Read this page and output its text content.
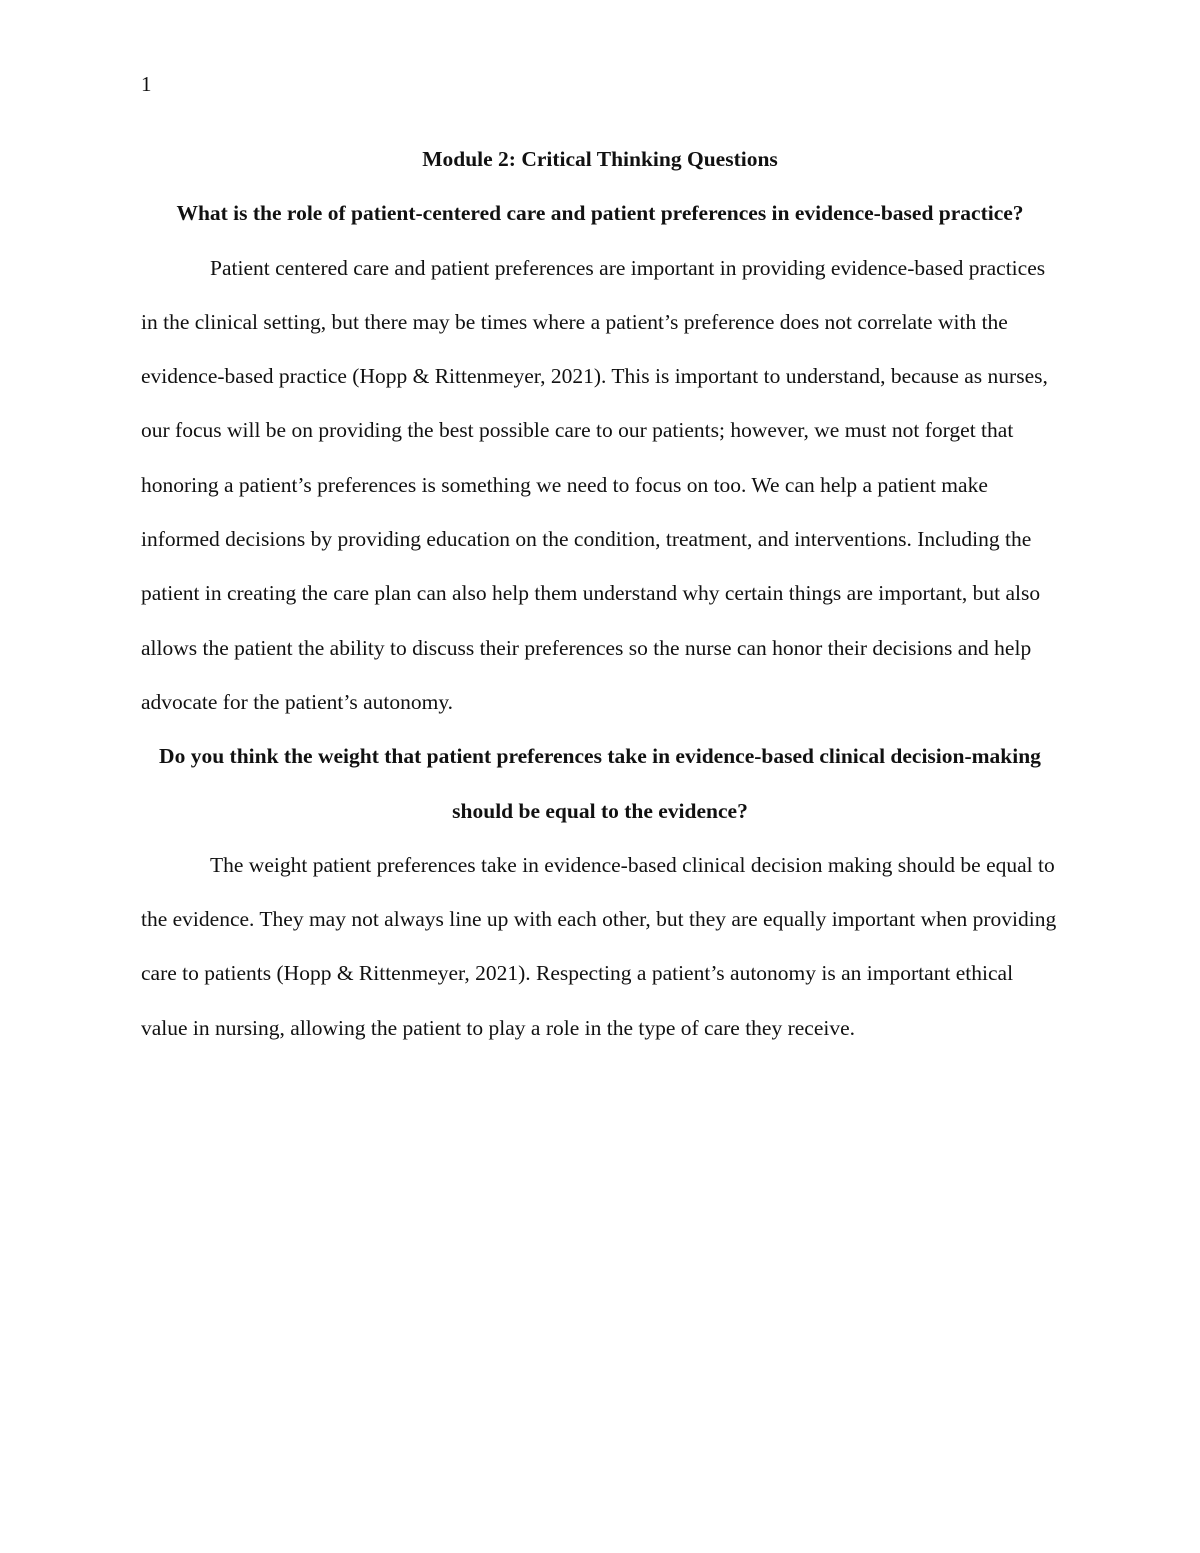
1
Module 2: Critical Thinking Questions
What is the role of patient-centered care and patient preferences in evidence-based practice?

Patient centered care and patient preferences are important in providing evidence-based practices in the clinical setting, but there may be times where a patient’s preference does not correlate with the evidence-based practice (Hopp & Rittenmeyer, 2021). This is important to understand, because as nurses, our focus will be on providing the best possible care to our patients; however, we must not forget that honoring a patient’s preferences is something we need to focus on too. We can help a patient make informed decisions by providing education on the condition, treatment, and interventions. Including the patient in creating the care plan can also help them understand why certain things are important, but also allows the patient the ability to discuss their preferences so the nurse can honor their decisions and help advocate for the patient’s autonomy.

Do you think the weight that patient preferences take in evidence-based clinical decision-making should be equal to the evidence?

The weight patient preferences take in evidence-based clinical decision making should be equal to the evidence. They may not always line up with each other, but they are equally important when providing care to patients (Hopp & Rittenmeyer, 2021). Respecting a patient’s autonomy is an important ethical value in nursing, allowing the patient to play a role in the type of care they receive.
